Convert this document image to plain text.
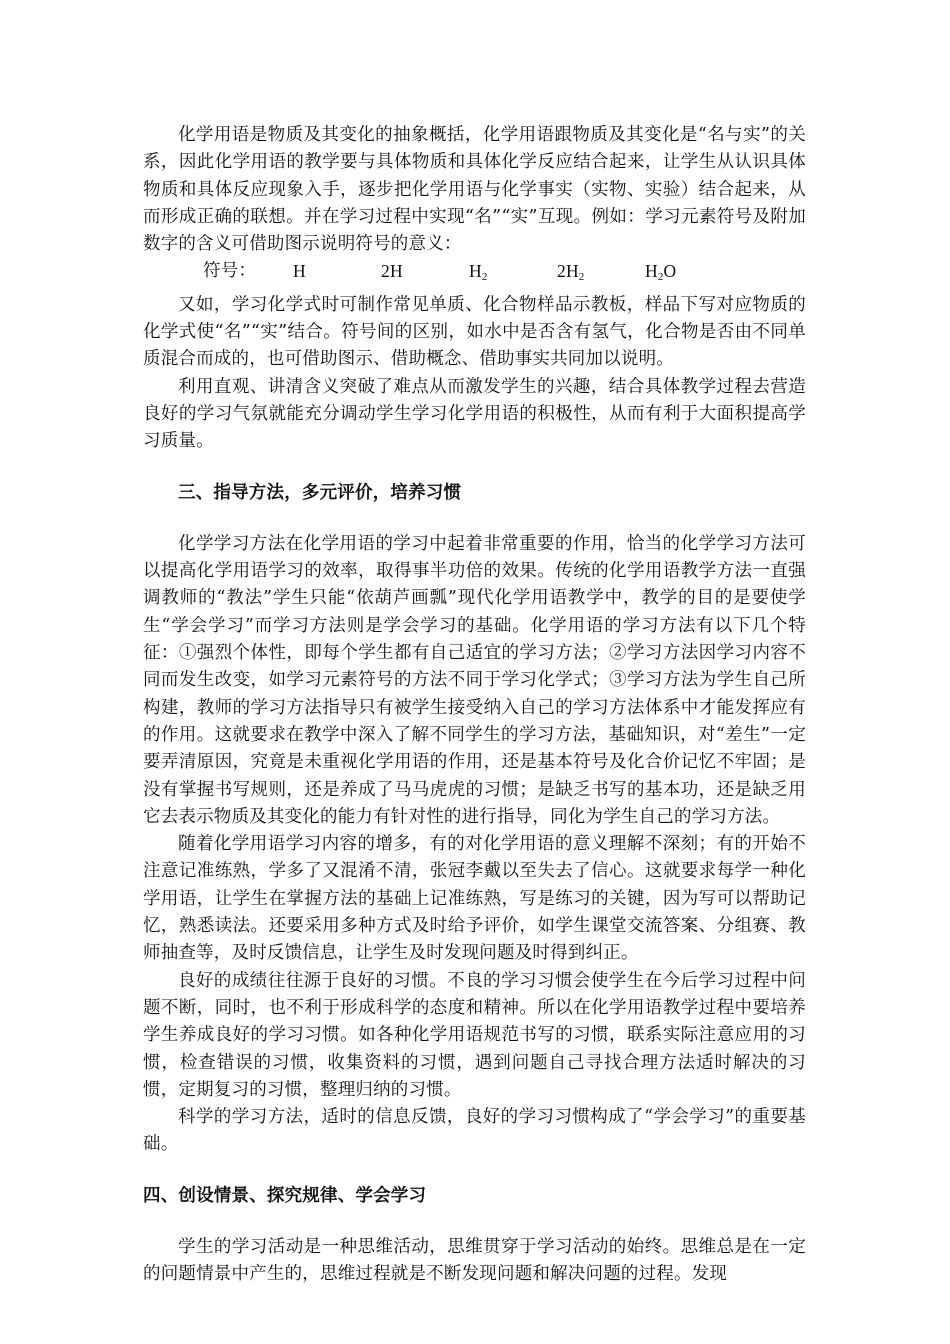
化学用语是物质及其变化的抽象概括，化学用语跟物质及其变化是“名与实”的关系，因此化学用语的教学要与具体物质和具体化学反应结合起来，让学生从认识具体物质和具体反应现象入手，逐步把化学用语与化学事实（实物、实验）结合起来，从而形成正确的联想。并在学习过程中实现“名”“实”互现。例如：学习元素符号及附加数字的含义可借助图示说明符号的意义：

符号：	H	2H	H2	2H2	H2O

又如，学习化学式时可制作常见单质、化合物样品示教板，样品下写对应物质的化学式使“名”“实”结合。符号间的区别，如水中是否含有氢气，化合物是否由不同单质混合而成的，也可借助图示、借助概念、借助事实共同加以说明。

利用直观、讲清含义突破了难点从而激发学生的兴趣，结合具体教学过程去营造良好的学习气氛就能充分调动学生学习化学用语的积极性，从而有利于大面积提高学习质量。

三、指导方法，多元评价，培养习惯

化学学习方法在化学用语的学习中起着非常重要的作用，恰当的化学学习方法可以提高化学用语学习的效率，取得事半功倍的效果。传统的化学用语教学方法一直强调教师的“教法”学生只能“依葫芦画瓢”现代化学用语教学中，教学的目的是要使学生“学会学习”而学习方法则是学会学习的基础。化学用语的学习方法有以下几个特征：①强烈个体性，即每个学生都有自己适宜的学习方法；②学习方法因学习内容不同而发生改变，如学习元素符号的方法不同于学习化学式；③学习方法为学生自己所构建，教师的学习方法指导只有被学生接受纳入自己的学习方法体系中才能发挥应有的作用。这就要求在教学中深入了解不同学生的学习方法，基础知识，对“差生”一定要弄清原因，究竟是未重视化学用语的作用，还是基本符号及化合价记忆不牢固；是没有掌握书写规则，还是养成了马马虎虎的习惯；是缺乏书写的基本功，还是缺乏用它去表示物质及其变化的能力有针对性的进行指导，同化为学生自己的学习方法。

随着化学用语学习内容的增多，有的对化学用语的意义理解不深刻；有的开始不注意记准练熟，学多了又混淆不清，张冠李戴以至失去了信心。这就要求每学一种化学用语，让学生在掌握方法的基础上记准练熟，写是练习的关键，因为写可以帮助记忆，熟悉读法。还要采用多种方式及时给予评价，如学生课堂交流答案、分组赛、教师抽查等，及时反馈信息，让学生及时发现问题及时得到纠正。

良好的成绩往往源于良好的习惯。不良的学习习惯会使学生在今后学习过程中问题不断，同时，也不利于形成科学的态度和精神。所以在化学用语教学过程中要培养学生养成良好的学习习惯。如各种化学用语规范书写的习惯，联系实际注意应用的习惯，检查错误的习惯，收集资料的习惯，遇到问题自己寻找合理方法适时解决的习惯，定期复习的习惯，整理归纳的习惯。

科学的学习方法，适时的信息反馈，良好的学习习惯构成了“学会学习”的重要基础。

四、创设情景、探究规律、学会学习

学生的学习活动是一种思维活动，思维贯穿于学习活动的始终。思维总是在一定的问题情景中产生的，思维过程就是不断发现问题和解决问题的过程。发现
